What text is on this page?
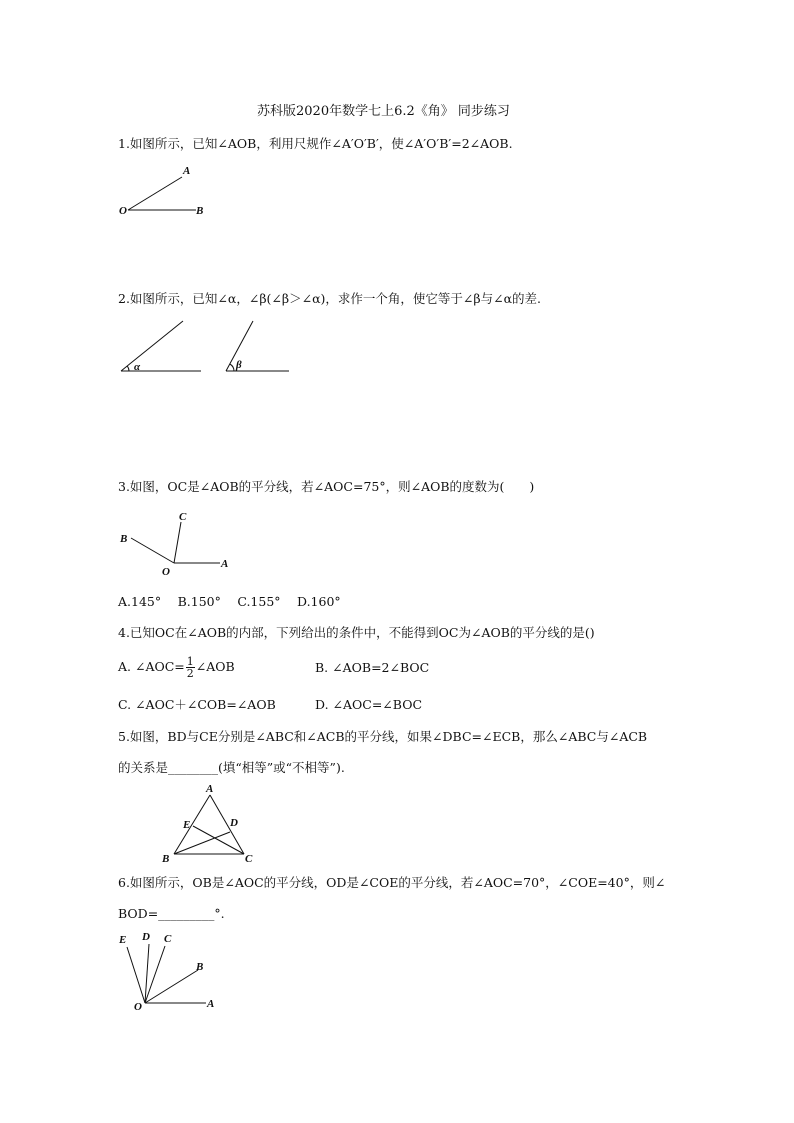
苏科版2020年数学七上6.2《角》 同步练习
1.如图所示，已知∠AOB，利用尺规作∠A′O′B′，使∠A′O′B′=2∠AOB.
A
O	B
2.如图所示，已知∠α，∠β(∠β＞∠α)，求作一个角，使它等于∠β与∠α的差.
α	β
3.如图，OC是∠AOB的平分线，若∠AOC=75°，则∠AOB的度数为(　　)
B
C
O
A
A.145°　 B.150°　 C.155°　 D.160°
4.已知OC在∠AOB的内部，下列给出的条件中，不能得到OC为∠AOB的平分线的是()
A. ∠AOC= $\frac{1}{2}$ ∠AOB	B. ∠AOB=2∠BOC
C. ∠AOC＋∠COB=∠AOB	D. ∠AOC=∠BOC
5.如图，BD与CE分别是∠ABC和∠ACB的平分线，如果∠DBC=∠ECB，那么∠ABC与∠ACB
的关系是________(填“相等”或“不相等”).
A
E	D
B	C
6.如图所示，OB是∠AOC的平分线，OD是∠COE的平分线，若∠AOC=70°，∠COE=40°，则∠
BOD=_________°.
E D C
B
O	A
